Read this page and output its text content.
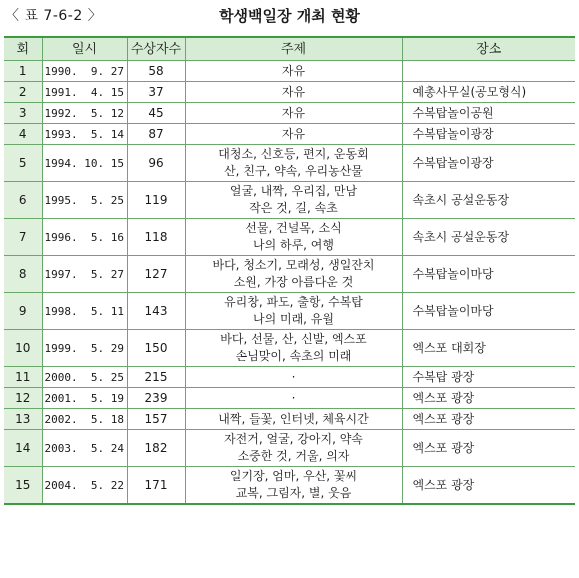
〈 표 7-6-2 〉	학생백일장 개최 현황
회	일시	수상자수	주제	장소
1	1990.  9. 27	58	자유	
2	1991.  4. 15	37	자유	예총사무실(공모형식)
3	1992.  5. 12	45	자유	수복탑놀이공원
4	1993.  5. 14	87	자유	수복탑놀이광장
5	1994. 10. 15	96	대청소, 신호등, 편지, 운동회
산, 친구, 약속, 우리농산물	수복탑놀이광장
6	1995.  5. 25	119	얼굴, 내짝, 우리집, 만남
작은 것, 길, 속초	속초시 공설운동장
7	1996.  5. 16	118	선물, 건널목, 소식
나의 하루, 여행	속초시 공설운동장
8	1997.  5. 27	127	바다, 청소기, 모래성, 생일잔치
소원, 가장 아름다운 것	수복탑놀이마당
9	1998.  5. 11	143	유리창, 파도, 출항, 수복탑
나의 미래, 유월	수복탑놀이마당
10	1999.  5. 29	150	바다, 선물, 산, 신발, 엑스포
손님맞이, 속초의 미래	엑스포 대회장
11	2000.  5. 25	215	·	수복탑 광장
12	2001.  5. 19	239	·	엑스포 광장
13	2002.  5. 18	157	내짝, 들꽃, 인터넷, 체육시간	엑스포 광장
14	2003.  5. 24	182	자전거, 얼굴, 강아지, 약속
소중한 것, 거울, 의자	엑스포 광장
15	2004.  5. 22	171	일기장, 엄마, 우산, 꽃씨
교복, 그림자, 별, 웃음	엑스포 광장
